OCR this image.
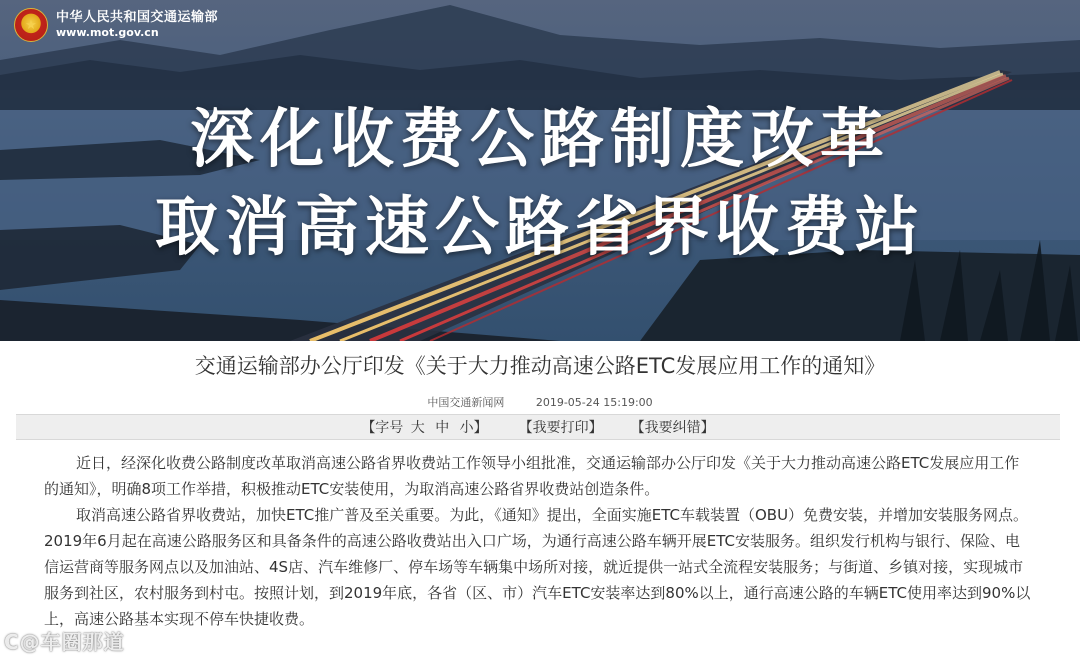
★	中华人民共和国交通运输部
www.mot.gov.cn
深化收费公路制度改革
取消高速公路省界收费站
交通运输部办公厅印发《关于大力推动高速公路ETC发展应用工作的通知》
中国交通新闻网	2019-05-24 15:19:00
【字号 大 中 小】 【我要打印】 【我要纠错】

近日，经深化收费公路制度改革取消高速公路省界收费站工作领导小组批准，交通运输部办公厅印发《关于大力推动高速公路ETC发展应用工作的通知》，明确8项工作举措，积极推动ETC安装使用，为取消高速公路省界收费站创造条件。

取消高速公路省界收费站，加快ETC推广普及至关重要。为此，《通知》提出，全面实施ETC车载装置（OBU）免费安装，并增加安装服务网点。2019年6月起在高速公路服务区和具备条件的高速公路收费站出入口广场，为通行高速公路车辆开展ETC安装服务。组织发行机构与银行、保险、电信运营商等服务网点以及加油站、4S店、汽车维修厂、停车场等车辆集中场所对接，就近提供一站式全流程安装服务；与街道、乡镇对接，实现城市服务到社区，农村服务到村屯。按照计划，到2019年底，各省（区、市）汽车ETC安装率达到80%以上，通行高速公路的车辆ETC使用率达到90%以上，高速公路基本实现不停车快捷收费。

C@车圈那道
